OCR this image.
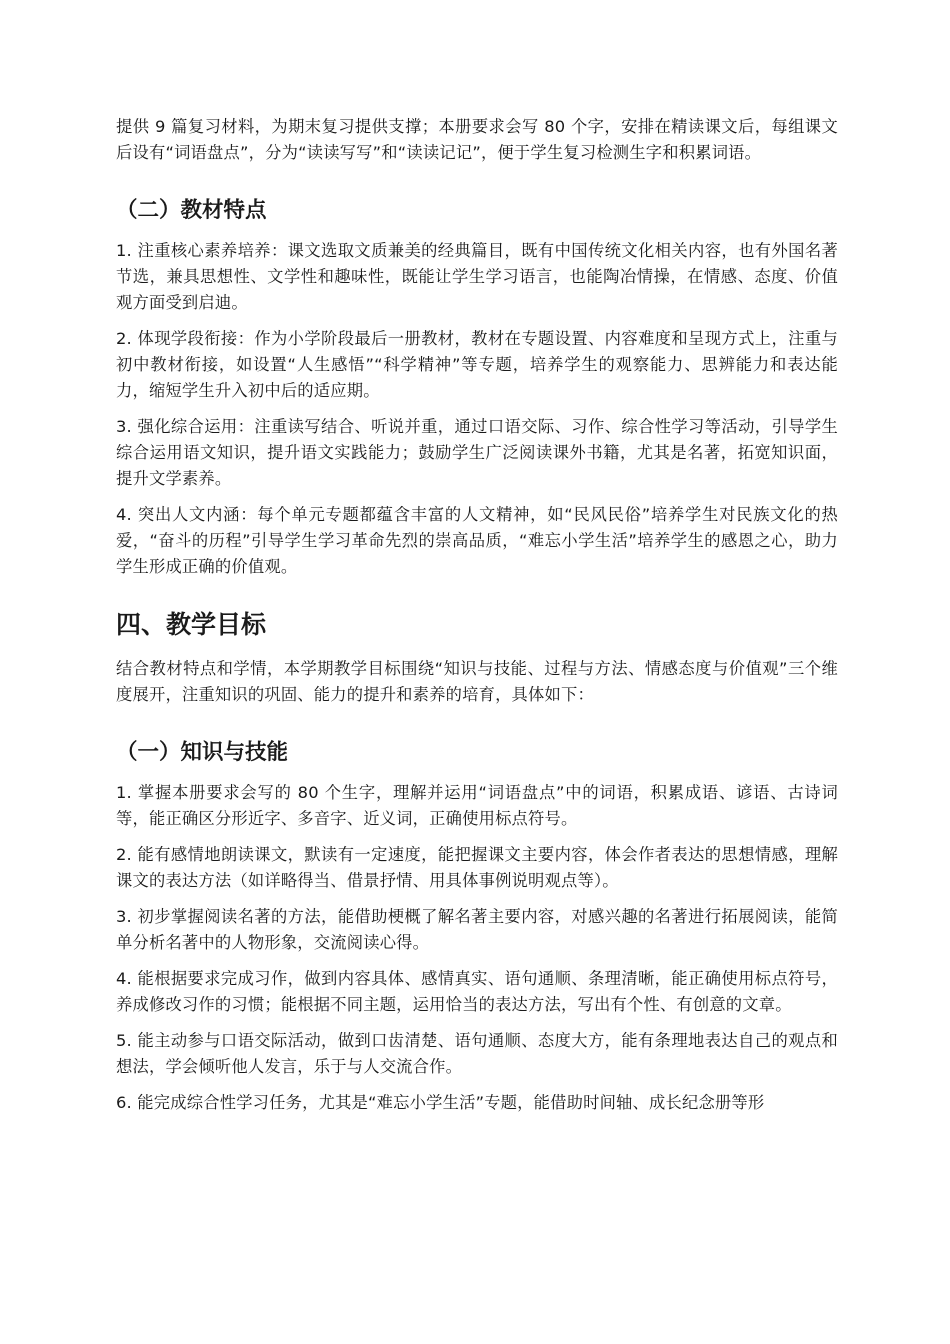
提供 9 篇复习材料，为期末复习提供支撑；本册要求会写 80 个字，安排在精读课文后，每组课文后设有“词语盘点”，分为“读读写写”和“读读记记”，便于学生复习检测生字和积累词语。

（二）教材特点

1. 注重核心素养培养：课文选取文质兼美的经典篇目，既有中国传统文化相关内容，也有外国名著节选，兼具思想性、文学性和趣味性，既能让学生学习语言，也能陶冶情操，在情感、态度、价值观方面受到启迪。

2. 体现学段衔接：作为小学阶段最后一册教材，教材在专题设置、内容难度和呈现方式上，注重与初中教材衔接，如设置“人生感悟”“科学精神”等专题，培养学生的观察能力、思辨能力和表达能力，缩短学生升入初中后的适应期。

3. 强化综合运用：注重读写结合、听说并重，通过口语交际、习作、综合性学习等活动，引导学生综合运用语文知识，提升语文实践能力；鼓励学生广泛阅读课外书籍，尤其是名著，拓宽知识面，提升文学素养。

4. 突出人文内涵：每个单元专题都蕴含丰富的人文精神，如“民风民俗”培养学生对民族文化的热爱，“奋斗的历程”引导学生学习革命先烈的崇高品质，“难忘小学生活”培养学生的感恩之心，助力学生形成正确的价值观。

四、教学目标

结合教材特点和学情，本学期教学目标围绕“知识与技能、过程与方法、情感态度与价值观”三个维度展开，注重知识的巩固、能力的提升和素养的培育，具体如下：

（一）知识与技能

1. 掌握本册要求会写的 80 个生字，理解并运用“词语盘点”中的词语，积累成语、谚语、古诗词等，能正确区分形近字、多音字、近义词，正确使用标点符号。

2. 能有感情地朗读课文，默读有一定速度，能把握课文主要内容，体会作者表达的思想情感，理解课文的表达方法（如详略得当、借景抒情、用具体事例说明观点等）。

3. 初步掌握阅读名著的方法，能借助梗概了解名著主要内容，对感兴趣的名著进行拓展阅读，能简单分析名著中的人物形象，交流阅读心得。

4. 能根据要求完成习作，做到内容具体、感情真实、语句通顺、条理清晰，能正确使用标点符号，养成修改习作的习惯；能根据不同主题，运用恰当的表达方法，写出有个性、有创意的文章。

5. 能主动参与口语交际活动，做到口齿清楚、语句通顺、态度大方，能有条理地表达自己的观点和想法，学会倾听他人发言，乐于与人交流合作。

6. 能完成综合性学习任务，尤其是“难忘小学生活”专题，能借助时间轴、成长纪念册等形
